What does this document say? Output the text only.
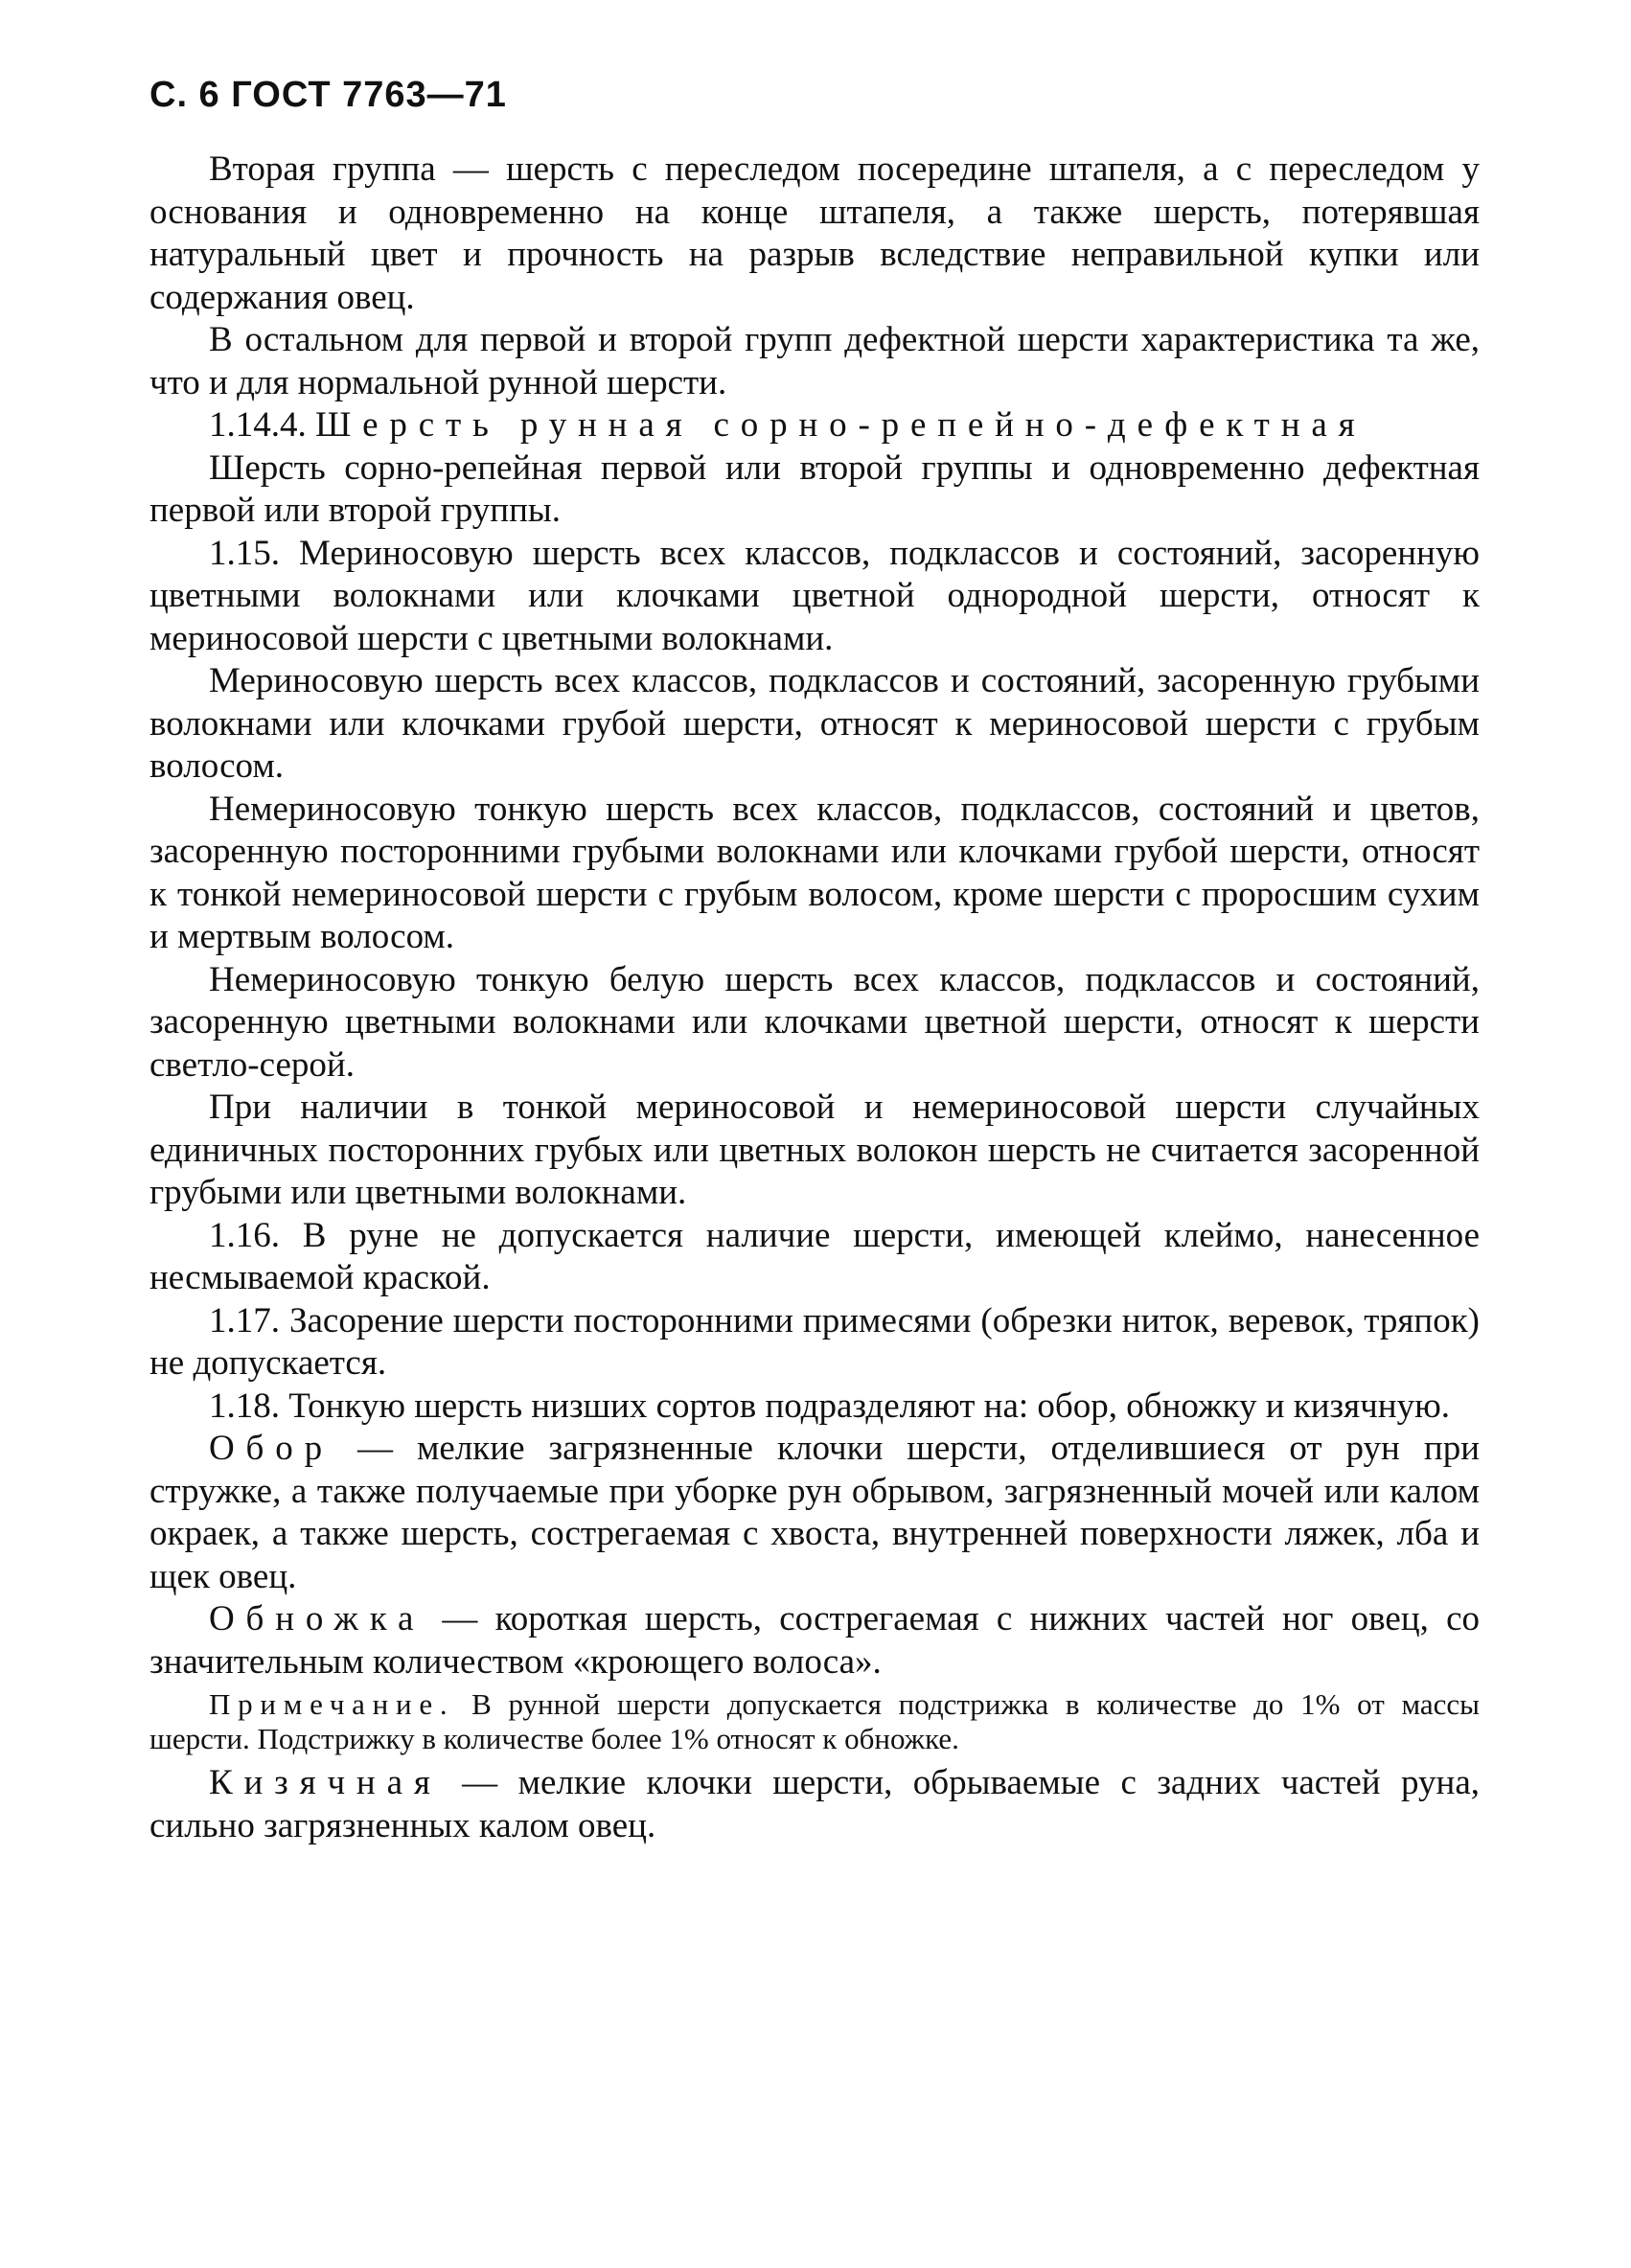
С. 6 ГОСТ 7763—71

Вторая группа — шерсть с переследом посередине штапеля, а с переследом у основания и одновременно на конце штапеля, а также шерсть, потерявшая натуральный цвет и прочность на разрыв вследствие неправильной купки или содержания овец.

В остальном для первой и второй групп дефектной шерсти характеристика та же, что и для нормальной рунной шерсти.

1.14.4. Шерсть рунная сорно-репейно-дефектная

Шерсть сорно-репейная первой или второй группы и одновременно дефектная первой или второй группы.

1.15. Мериносовую шерсть всех классов, подклассов и состояний, засоренную цветными волокнами или клочками цветной однородной шерсти, относят к мериносовой шерсти с цветными волокнами.

Мериносовую шерсть всех классов, подклассов и состояний, засоренную грубыми волокнами или клочками грубой шерсти, относят к мериносовой шерсти с грубым волосом.

Немериносовую тонкую шерсть всех классов, подклассов, состояний и цветов, засоренную посторонними грубыми волокнами или клочками грубой шерсти, относят к тонкой немериносовой шерсти с грубым волосом, кроме шерсти с проросшим сухим и мертвым волосом.

Немериносовую тонкую белую шерсть всех классов, подклассов и состояний, засоренную цветными волокнами или клочками цветной шерсти, относят к шерсти светло-серой.

При наличии в тонкой мериносовой и немериносовой шерсти случайных единичных посторонних грубых или цветных волокон шерсть не считается засоренной грубыми или цветными волокнами.

1.16. В руне не допускается наличие шерсти, имеющей клеймо, нанесенное несмываемой краской.

1.17. Засорение шерсти посторонними примесями (обрезки ниток, веревок, тряпок) не допускается.

1.18. Тонкую шерсть низших сортов подразделяют на: обор, обножку и кизячную.

Обор — мелкие загрязненные клочки шерсти, отделившиеся от рун при стружке, а также получаемые при уборке рун обрывом, загрязненный мочей или калом окраек, а также шерсть, сострегаемая с хвоста, внутренней поверхности ляжек, лба и щек овец.

Обножка — короткая шерсть, сострегаемая с нижних частей ног овец, со значительным количеством «кроющего волоса».

Примечание. В рунной шерсти допускается подстрижка в количестве до 1% от массы шерсти. Подстрижку в количестве более 1% относят к обножке.

Кизячная — мелкие клочки шерсти, обрываемые с задних частей руна, сильно загрязненных калом овец.
